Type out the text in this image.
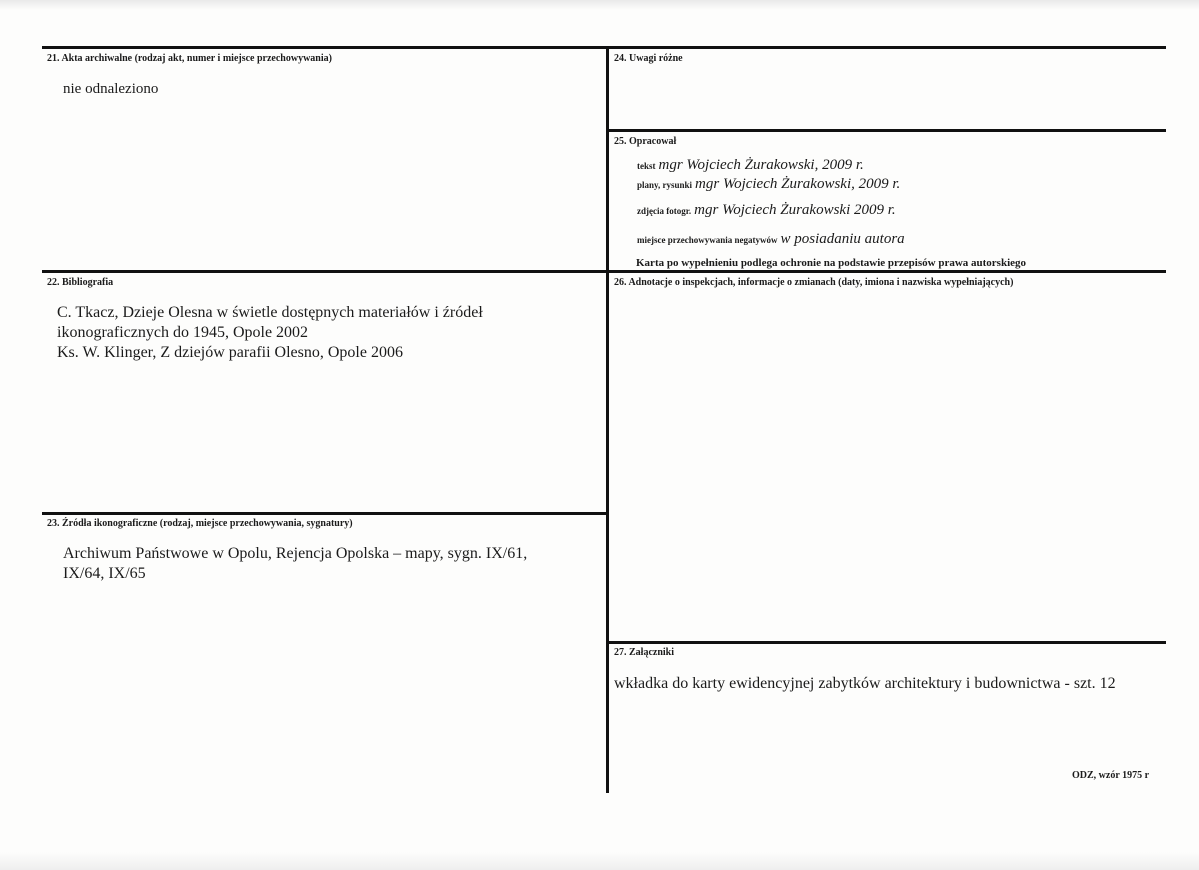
21. Akta archiwalne (rodzaj akt, numer i miejsce przechowywania)
nie odnaleziono
24. Uwagi różne
25. Opracował
tekst mgr Wojciech Żurakowski, 2009 r.
plany, rysunki mgr Wojciech Żurakowski, 2009 r.
zdjęcia fotogr. mgr Wojciech Żurakowski 2009 r.
miejsce przechowywania negatywów w posiadaniu autora
Karta po wypełnieniu podlega ochronie na podstawie przepisów prawa autorskiego
22. Bibliografia
C. Tkacz, Dzieje Olesna w świetle dostępnych materiałów i źródeł
ikonograficznych do 1945, Opole 2002
Ks. W. Klinger, Z dziejów parafii Olesno, Opole 2006
26. Adnotacje o inspekcjach, informacje o zmianach (daty, imiona i nazwiska wypełniających)
23. Źródła ikonograficzne (rodzaj, miejsce przechowywania, sygnatury)
Archiwum Państwowe w Opolu, Rejencja Opolska – mapy, sygn. IX/61,
IX/64, IX/65
27. Załączniki
wkładka do karty ewidencyjnej zabytków architektury i budownictwa - szt. 12
ODZ, wzór 1975 r
